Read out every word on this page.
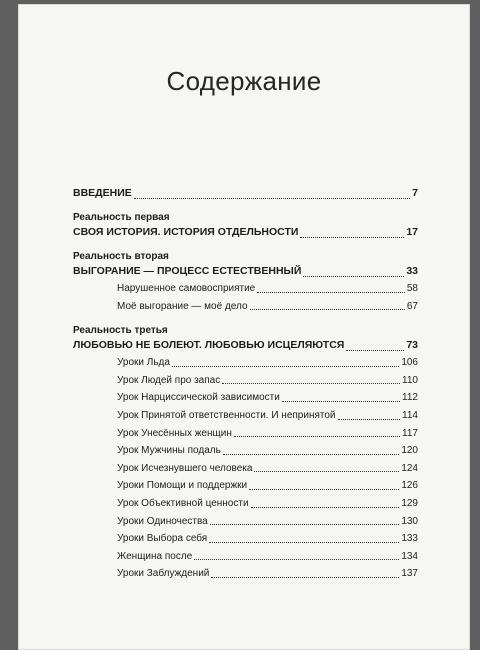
Содержание
ВВЕДЕНИЕ	7
Реальность первая
СВОЯ ИСТОРИЯ. ИСТОРИЯ ОТДЕЛЬНОСТИ	17
Реальность вторая
ВЫГОРАНИЕ — ПРОЦЕСС ЕСТЕСТВЕННЫЙ	33
Нарушенное самовосприятие	58
Моё выгорание — моё дело	67
Реальность третья
ЛЮБОВЬЮ НЕ БОЛЕЮТ. ЛЮБОВЬЮ ИСЦЕЛЯЮТСЯ	73
Уроки Льда	106
Урок Людей про запас	110
Урок Нарциссической зависимости	112
Урок Принятой ответственности. И непринятой	114
Урок Унесённых женщин	117
Урок Мужчины подаль	120
Урок Исчезнувшего человека	124
Уроки Помощи и поддержки	126
Урок Объективной ценности	129
Уроки Одиночества	130
Уроки Выбора себя	133
Женщина после	134
Уроки Заблуждений	137
